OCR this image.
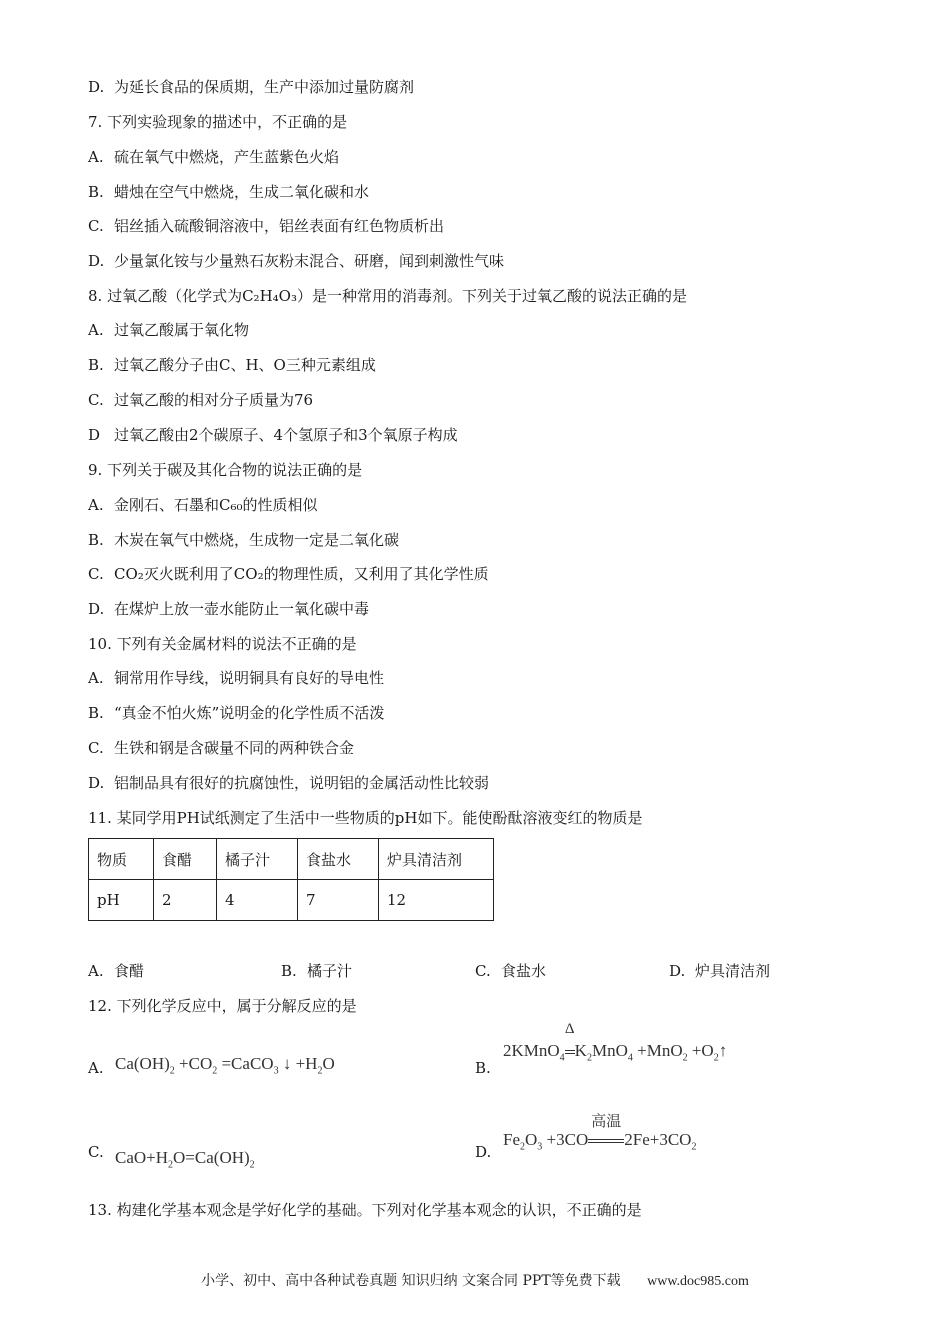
D. 为延长食品的保质期，生产中添加过量防腐剂
7. 下列实验现象的描述中，不正确的是
A. 硫在氧气中燃烧，产生蓝紫色火焰
B. 蜡烛在空气中燃烧，生成二氧化碳和水
C. 铝丝插入硫酸铜溶液中，铝丝表面有红色物质析出
D. 少量氯化铵与少量熟石灰粉末混合、研磨，闻到刺激性气味
8. 过氧乙酸（化学式为C₂H₄O₃）是一种常用的消毒剂。下列关于过氧乙酸的说法正确的是
A. 过氧乙酸属于氧化物
B. 过氧乙酸分子由C、H、O三种元素组成
C. 过氧乙酸的相对分子质量为76
D 过氧乙酸由2个碳原子、4个氢原子和3个氧原子构成
9. 下列关于碳及其化合物的说法正确的是
A. 金刚石、石墨和C₆₀的性质相似
B. 木炭在氧气中燃烧，生成物一定是二氧化碳
C. CO₂灭火既利用了CO₂的物理性质，又利用了其化学性质
D. 在煤炉上放一壶水能防止一氧化碳中毒
10. 下列有关金属材料的说法不正确的是
A. 铜常用作导线，说明铜具有良好的导电性
B. “真金不怕火炼”说明金的化学性质不活泼
C. 生铁和钢是含碳量不同的两种铁合金
D. 铝制品具有很好的抗腐蚀性，说明铝的金属活动性比较弱
11. 某同学用PH试纸测定了生活中一些物质的pH如下。能使酚酞溶液变红的物质是
物质	食醋	橘子汁	食盐水	炉具清洁剂
pH	2	4	7	12
A. 食醋	B. 橘子汁	C. 食盐水	D. 炉具清洁剂
12. 下列化学反应中，属于分解反应的是
A. $Ca(OH)_2 +CO_2$ =CaCO$_3$ ↓ $+H_2O$	B.
2KMnO$_4$
Δ
$K_2MnO_4 +MnO_2$ $+O_2↑$
C. $CaO+H_2O=Ca(OH)_2$
D.
$Fe_2O_3 +3CO$
高温
$2Fe+3CO_2$
13. 构建化学基本观念是学好化学的基础。下列对化学基本观念的认识，不正确的是
小学、初中、高中各种试卷真题 知识归纳 文案合同 PPT等免费下载 www.doc985.com
